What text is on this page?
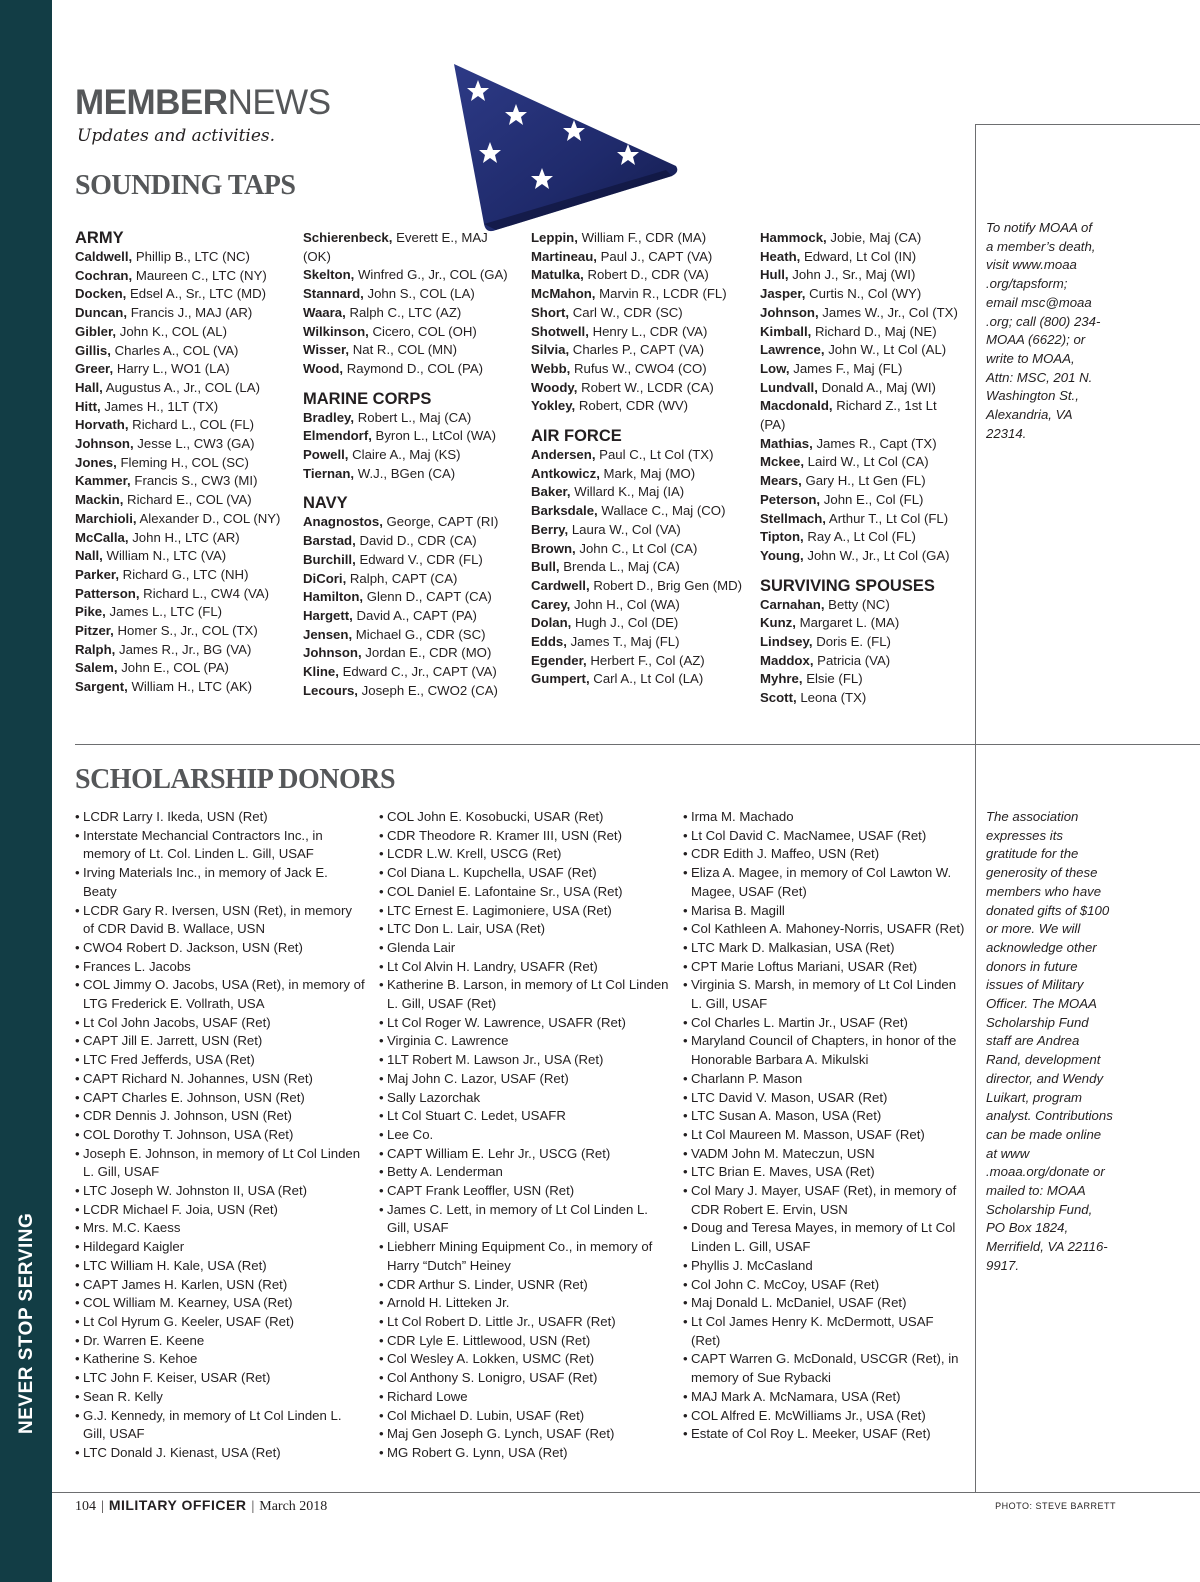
NEVER STOP SERVING
MEMBERNEWS
Updates and activities.
SOUNDING TAPS
ARMY
Caldwell, Phillip B., LTC (NC)
Cochran, Maureen C., LTC (NY)
Docken, Edsel A., Sr., LTC (MD)
Duncan, Francis J., MAJ (AR)
Gibler, John K., COL (AL)
Gillis, Charles A., COL (VA)
Greer, Harry L., WO1 (LA)
Hall, Augustus A., Jr., COL (LA)
Hitt, James H., 1LT (TX)
Horvath, Richard L., COL (FL)
Johnson, Jesse L., CW3 (GA)
Jones, Fleming H., COL (SC)
Kammer, Francis S., CW3 (MI)
Mackin, Richard E., COL (VA)
Marchioli, Alexander D., COL (NY)
McCalla, John H., LTC (AR)
Nall, William N., LTC (VA)
Parker, Richard G., LTC (NH)
Patterson, Richard L., CW4 (VA)
Pike, James L., LTC (FL)
Pitzer, Homer S., Jr., COL (TX)
Ralph, James R., Jr., BG (VA)
Salem, John E., COL (PA)
Sargent, William H., LTC (AK)
Schierenbeck, Everett E., MAJ (OK)
Skelton, Winfred G., Jr., COL (GA)
Stannard, John S., COL (LA)
Waara, Ralph C., LTC (AZ)
Wilkinson, Cicero, COL (OH)
Wisser, Nat R., COL (MN)
Wood, Raymond D., COL (PA)
MARINE CORPS
Bradley, Robert L., Maj (CA)
Elmendorf, Byron L., LtCol (WA)
Powell, Claire A., Maj (KS)
Tiernan, W.J., BGen (CA)
NAVY
Anagnostos, George, CAPT (RI)
Barstad, David D., CDR (CA)
Burchill, Edward V., CDR (FL)
DiCori, Ralph, CAPT (CA)
Hamilton, Glenn D., CAPT (CA)
Hargett, David A., CAPT (PA)
Jensen, Michael G., CDR (SC)
Johnson, Jordan E., CDR (MO)
Kline, Edward C., Jr., CAPT (VA)
Lecours, Joseph E., CWO2 (CA)
Leppin, William F., CDR (MA)
Martineau, Paul J., CAPT (VA)
Matulka, Robert D., CDR (VA)
McMahon, Marvin R., LCDR (FL)
Short, Carl W., CDR (SC)
Shotwell, Henry L., CDR (VA)
Silvia, Charles P., CAPT (VA)
Webb, Rufus W., CWO4 (CO)
Woody, Robert W., LCDR (CA)
Yokley, Robert, CDR (WV)
AIR FORCE
Andersen, Paul C., Lt Col (TX)
Antkowicz, Mark, Maj (MO)
Baker, Willard K., Maj (IA)
Barksdale, Wallace C., Maj (CO)
Berry, Laura W., Col (VA)
Brown, John C., Lt Col (CA)
Bull, Brenda L., Maj (CA)
Cardwell, Robert D., Brig Gen (MD)
Carey, John H., Col (WA)
Dolan, Hugh J., Col (DE)
Edds, James T., Maj (FL)
Egender, Herbert F., Col (AZ)
Gumpert, Carl A., Lt Col (LA)
Hammock, Jobie, Maj (CA)
Heath, Edward, Lt Col (IN)
Hull, John J., Sr., Maj (WI)
Jasper, Curtis N., Col (WY)
Johnson, James W., Jr., Col (TX)
Kimball, Richard D., Maj (NE)
Lawrence, John W., Lt Col (AL)
Low, James F., Maj (FL)
Lundvall, Donald A., Maj (WI)
Macdonald, Richard Z., 1st Lt (PA)
Mathias, James R., Capt (TX)
Mckee, Laird W., Lt Col (CA)
Mears, Gary H., Lt Gen (FL)
Peterson, John E., Col (FL)
Stellmach, Arthur T., Lt Col (FL)
Tipton, Ray A., Lt Col (FL)
Young, John W., Jr., Lt Col (GA)
SURVIVING SPOUSES
Carnahan, Betty (NC)
Kunz, Margaret L. (MA)
Lindsey, Doris E. (FL)
Maddox, Patricia (VA)
Myhre, Elsie (FL)
Scott, Leona (TX)
To notify MOAA of a member’s death, visit www.moaa .org/tapsform; email msc@moaa .org; call (800) 234-MOAA (6622); or write to MOAA, Attn: MSC, 201 N. Washington St., Alexandria, VA 22314.
SCHOLARSHIP DONORS
• LCDR Larry I. Ikeda, USN (Ret)
• Interstate Mechancial Contractors Inc., in memory of Lt. Col. Linden L. Gill, USAF
• Irving Materials Inc., in memory of Jack E. Beaty
• LCDR Gary R. Iversen, USN (Ret), in memory of CDR David B. Wallace, USN
• CWO4 Robert D. Jackson, USN (Ret)
• Frances L. Jacobs
• COL Jimmy O. Jacobs, USA (Ret), in memory of LTG Frederick E. Vollrath, USA
• Lt Col John Jacobs, USAF (Ret)
• CAPT Jill E. Jarrett, USN (Ret)
• LTC Fred Jefferds, USA (Ret)
• CAPT Richard N. Johannes, USN (Ret)
• CAPT Charles E. Johnson, USN (Ret)
• CDR Dennis J. Johnson, USN (Ret)
• COL Dorothy T. Johnson, USA (Ret)
• Joseph E. Johnson, in memory of Lt Col Linden L. Gill, USAF
• LTC Joseph W. Johnston II, USA (Ret)
• LCDR Michael F. Joia, USN (Ret)
• Mrs. M.C. Kaess
• Hildegard Kaigler
• LTC William H. Kale, USA (Ret)
• CAPT James H. Karlen, USN (Ret)
• COL William M. Kearney, USA (Ret)
• Lt Col Hyrum G. Keeler, USAF (Ret)
• Dr. Warren E. Keene
• Katherine S. Kehoe
• LTC John F. Keiser, USAR (Ret)
• Sean R. Kelly
• G.J. Kennedy, in memory of Lt Col Linden L. Gill, USAF
• LTC Donald J. Kienast, USA (Ret)
• COL John E. Kosobucki, USAR (Ret)
• CDR Theodore R. Kramer III, USN (Ret)
• LCDR L.W. Krell, USCG (Ret)
• Col Diana L. Kupchella, USAF (Ret)
• COL Daniel E. Lafontaine Sr., USA (Ret)
• LTC Ernest E. Lagimoniere, USA (Ret)
• LTC Don L. Lair, USA (Ret)
• Glenda Lair
• Lt Col Alvin H. Landry, USAFR (Ret)
• Katherine B. Larson, in memory of Lt Col Linden L. Gill, USAF (Ret)
• Lt Col Roger W. Lawrence, USAFR (Ret)
• Virginia C. Lawrence
• 1LT Robert M. Lawson Jr., USA (Ret)
• Maj John C. Lazor, USAF (Ret)
• Sally Lazorchak
• Lt Col Stuart C. Ledet, USAFR
• Lee Co.
• CAPT William E. Lehr Jr., USCG (Ret)
• Betty A. Lenderman
• CAPT Frank Leoffler, USN (Ret)
• James C. Lett, in memory of Lt Col Linden L. Gill, USAF
• Liebherr Mining Equipment Co., in memory of Harry “Dutch” Heiney
• CDR Arthur S. Linder, USNR (Ret)
• Arnold H. Litteken Jr.
• Lt Col Robert D. Little Jr., USAFR (Ret)
• CDR Lyle E. Littlewood, USN (Ret)
• Col Wesley A. Lokken, USMC (Ret)
• Col Anthony S. Lonigro, USAF (Ret)
• Richard Lowe
• Col Michael D. Lubin, USAF (Ret)
• Maj Gen Joseph G. Lynch, USAF (Ret)
• MG Robert G. Lynn, USA (Ret)
• Irma M. Machado
• Lt Col David C. MacNamee, USAF (Ret)
• CDR Edith J. Maffeo, USN (Ret)
• Eliza A. Magee, in memory of Col Lawton W. Magee, USAF (Ret)
• Marisa B. Magill
• Col Kathleen A. Mahoney-Norris, USAFR (Ret)
• LTC Mark D. Malkasian, USA (Ret)
• CPT Marie Loftus Mariani, USAR (Ret)
• Virginia S. Marsh, in memory of Lt Col Linden L. Gill, USAF
• Col Charles L. Martin Jr., USAF (Ret)
• Maryland Council of Chapters, in honor of the Honorable Barbara A. Mikulski
• Charlann P. Mason
• LTC David V. Mason, USAR (Ret)
• LTC Susan A. Mason, USA (Ret)
• Lt Col Maureen M. Masson, USAF (Ret)
• VADM John M. Mateczun, USN
• LTC Brian E. Maves, USA (Ret)
• Col Mary J. Mayer, USAF (Ret), in memory of CDR Robert E. Ervin, USN
• Doug and Teresa Mayes, in memory of Lt Col Linden L. Gill, USAF
• Phyllis J. McCasland
• Col John C. McCoy, USAF (Ret)
• Maj Donald L. McDaniel, USAF (Ret)
• Lt Col James Henry K. McDermott, USAF (Ret)
• CAPT Warren G. McDonald, USCGR (Ret), in memory of Sue Rybacki
• MAJ Mark A. McNamara, USA (Ret)
• COL Alfred E. McWilliams Jr., USA (Ret)
• Estate of Col Roy L. Meeker, USAF (Ret)
The association expresses its gratitude for the generosity of these members who have donated gifts of $100 or more. We will acknowledge other donors in future issues of Military Officer. The MOAA Scholarship Fund staff are Andrea Rand, development director, and Wendy Luikart, program analyst. Contributions can be made online at www .moaa.org/donate or mailed to: MOAA Scholarship Fund, PO Box 1824, Merrifield, VA 22116-9917.
104 | MILITARY OFFICER | March 2018	PHOTO: STEVE BARRETT
